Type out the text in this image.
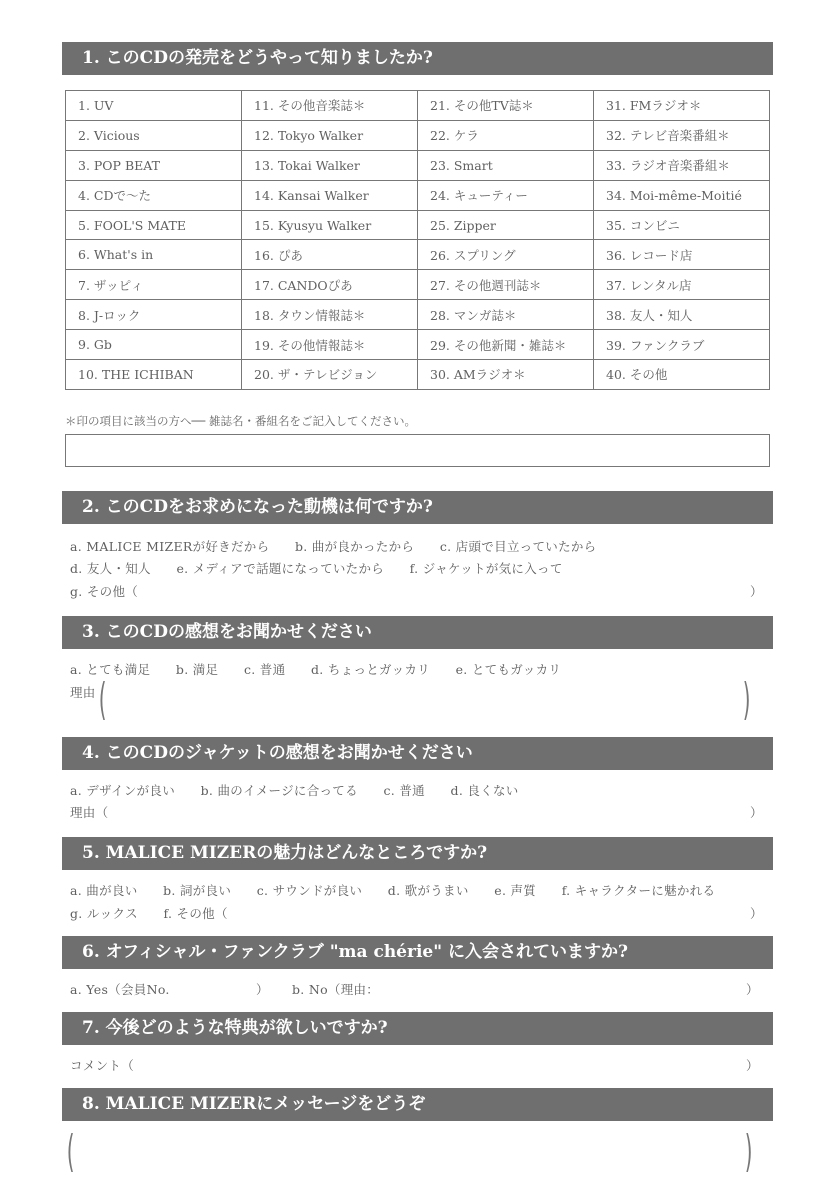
1. このCDの発売をどうやって知りましたか?
1. UV	11. その他音楽誌＊	21. その他TV誌＊	31. FMラジオ＊
2. Vicious	12. Tokyo Walker	22. ケラ	32. テレビ音楽番組＊
3. POP BEAT	13. Tokai Walker	23. Smart	33. ラジオ音楽番組＊
4. CDで〜た	14. Kansai Walker	24. キューティー	34. Moi-même-Moitié
5. FOOL'S MATE	15. Kyusyu Walker	25. Zipper	35. コンビニ
6. What's in	16. ぴあ	26. スプリング	36. レコード店
7. ザッピィ	17. CANDOぴあ	27. その他週刊誌＊	37. レンタル店
8. J-ロック	18. タウン情報誌＊	28. マンガ誌＊	38. 友人・知人
9. Gb	19. その他情報誌＊	29. その他新聞・雑誌＊	39. ファンクラブ
10. THE ICHIBAN	20. ザ・テレビジョン	30. AMラジオ＊	40. その他
＊印の項目に該当の方へ── 雑誌名・番組名をご記入してください。
2. このCDをお求めになった動機は何ですか?
a. MALICE MIZERが好きだから　　b. 曲が良かったから　　c. 店頭で目立っていたから
d. 友人・知人　　e. メディアで話題になっていたから　　f. ジャケットが気に入って
g. その他（	）
3. このCDの感想をお聞かせください
a. とても満足　　b. 満足　　c. 普通　　d. ちょっとガッカリ　　e. とてもガッカリ
理由 (	)
4. このCDのジャケットの感想をお聞かせください
a. デザインが良い　　b. 曲のイメージに合ってる　　c. 普通　　d. 良くない
理由（	）
5. MALICE MIZERの魅力はどんなところですか?
a. 曲が良い　　b. 詞が良い　　c. サウンドが良い　　d. 歌がうまい　　e. 声質　　f. キャラクターに魅かれる
g. ルックス　　f. その他（	）
6. オフィシャル・ファンクラブ "ma chérie" に入会されていますか?
a. Yes（会員No.	） b. No（理由：	）
7. 今後どのような特典が欲しいですか?
コメント（	）
8. MALICE MIZERにメッセージをどうぞ
(	)
